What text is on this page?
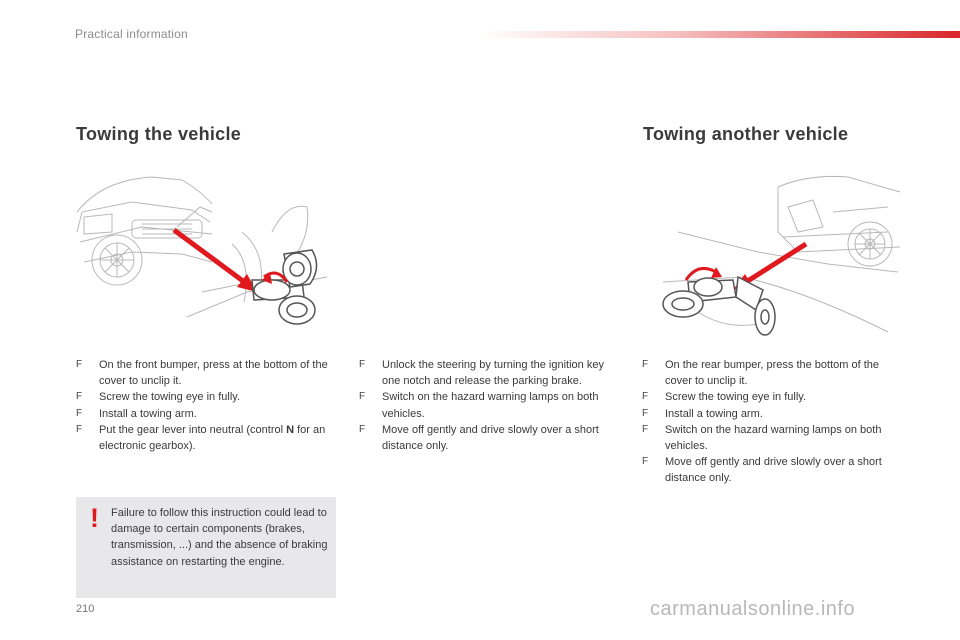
Practical information
Towing the vehicle	Towing another vehicle
F	On the front bumper, press at the bottom of the cover to unclip it.
F	Screw the towing eye in fully.
F	Install a towing arm.
F	Put the gear lever into neutral (control N for an electronic gearbox).
F	Unlock the steering by turning the ignition key one notch and release the parking brake.
F	Switch on the hazard warning lamps on both vehicles.
F	Move off gently and drive slowly over a short distance only.
F	On the rear bumper, press the bottom of the cover to unclip it.
F	Screw the towing eye in fully.
F	Install a towing arm.
F	Switch on the hazard warning lamps on both vehicles.
F	Move off gently and drive slowly over a short distance only.
! Failure to follow this instruction could lead to damage to certain components (brakes, transmission, ...) and the absence of braking assistance on restarting the engine.
210	carmanualsonline.info
